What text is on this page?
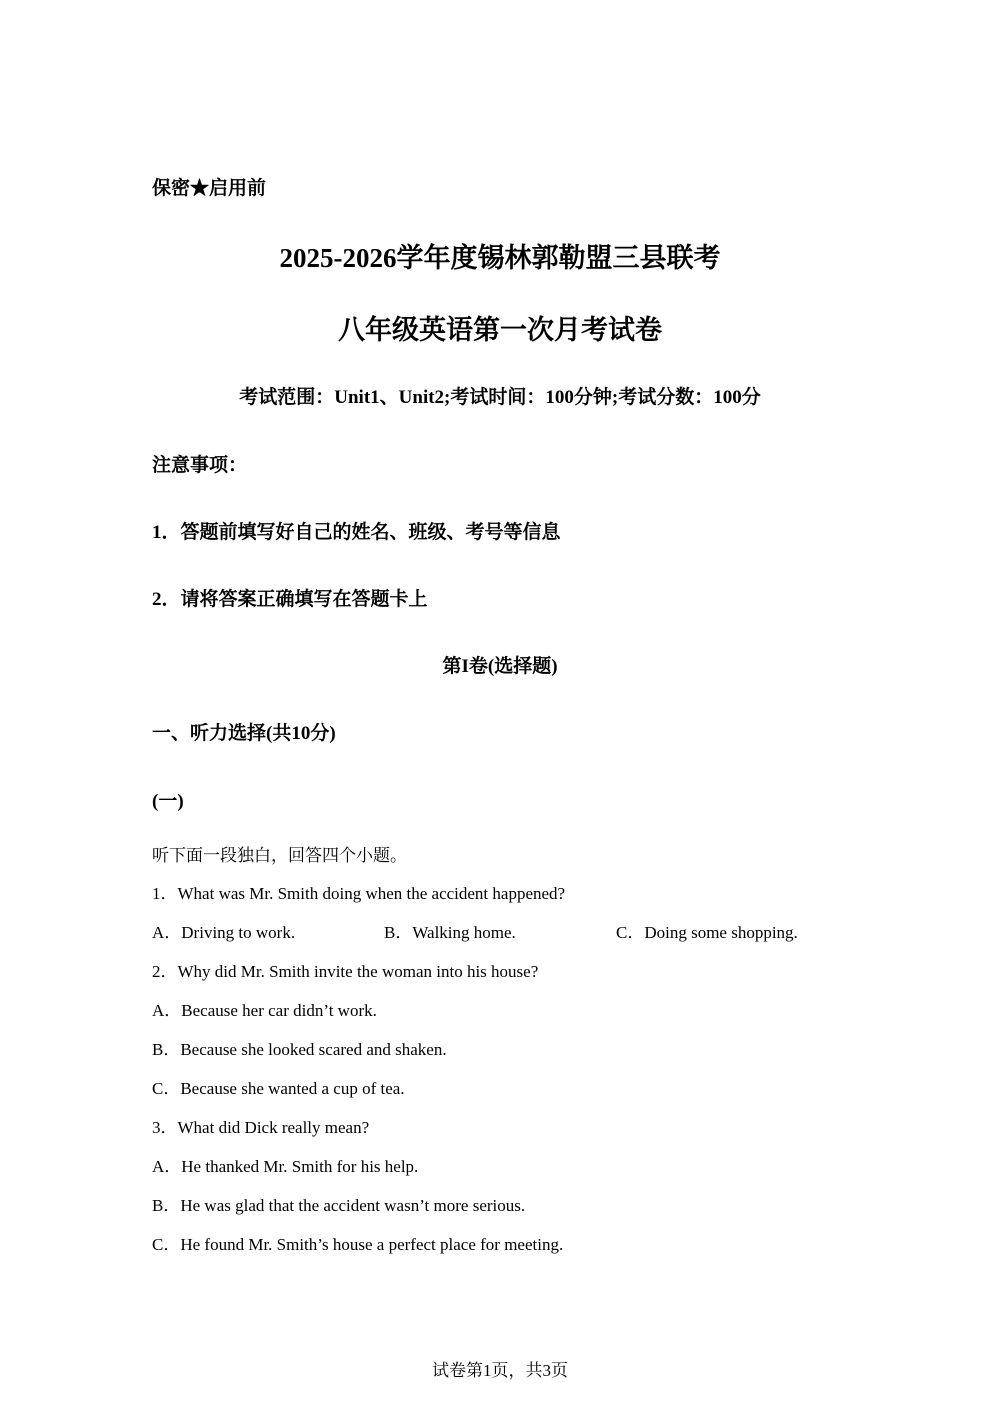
保密★启用前
2025-2026学年度锡林郭勒盟三县联考
八年级英语第一次月考试卷
考试范围：Unit1、Unit2;考试时间：100分钟;考试分数：100分
注意事项：
1．答题前填写好自己的姓名、班级、考号等信息
2．请将答案正确填写在答题卡上
第I卷(选择题)
一、听力选择(共10分)
(一)
听下面一段独白，回答四个小题。
1．What was Mr. Smith doing when the accident happened?
A．Driving to work.	B．Walking home.	C．Doing some shopping.
2．Why did Mr. Smith invite the woman into his house?
A．Because her car didn’t work.
B．Because she looked scared and shaken.
C．Because she wanted a cup of tea.
3．What did Dick really mean?
A．He thanked Mr. Smith for his help.
B．He was glad that the accident wasn’t more serious.
C．He found Mr. Smith’s house a perfect place for meeting.
试卷第1页，共3页
